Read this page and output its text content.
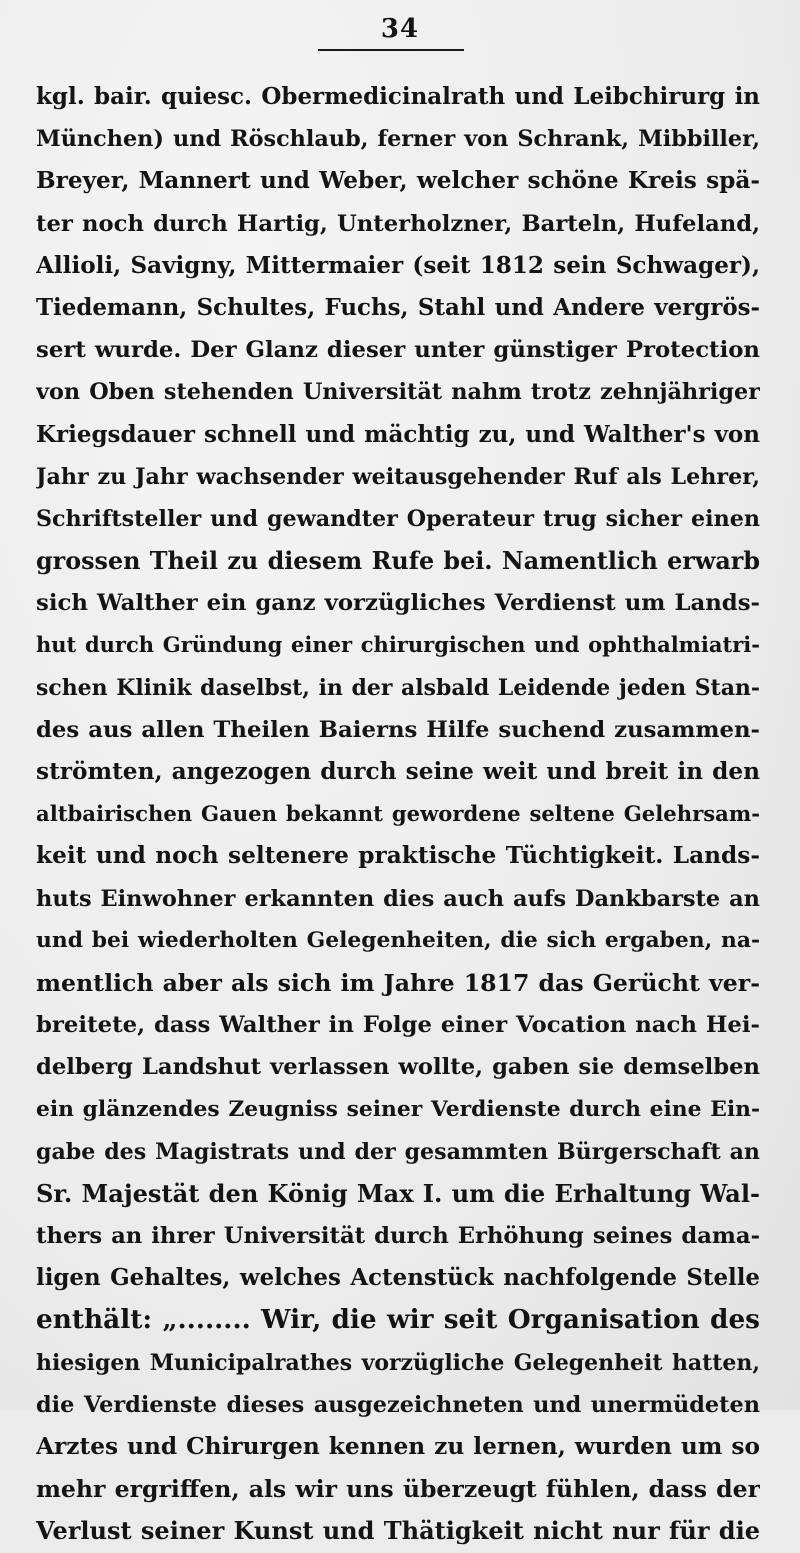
34
kgl. bair. quiesc. Obermedicinalrath und Leibchirurg in
München) und Röschlaub, ferner von Schrank, Mibbiller,
Breyer, Mannert und Weber, welcher schöne Kreis spä-
ter noch durch Hartig, Unterholzner, Barteln, Hufeland,
Allioli, Savigny, Mittermaier (seit 1812 sein Schwager),
Tiedemann, Schultes, Fuchs, Stahl und Andere vergrös-
sert wurde. Der Glanz dieser unter günstiger Protection
von Oben stehenden Universität nahm trotz zehnjähriger
Kriegsdauer schnell und mächtig zu, und Walther's von
Jahr zu Jahr wachsender weitausgehender Ruf als Lehrer,
Schriftsteller und gewandter Operateur trug sicher einen
grossen Theil zu diesem Rufe bei. Namentlich erwarb
sich Walther ein ganz vorzügliches Verdienst um Lands-
hut durch Gründung einer chirurgischen und ophthalmiatri-
schen Klinik daselbst, in der alsbald Leidende jeden Stan-
des aus allen Theilen Baierns Hilfe suchend zusammen-
strömten, angezogen durch seine weit und breit in den
altbairischen Gauen bekannt gewordene seltene Gelehrsam-
keit und noch seltenere praktische Tüchtigkeit. Lands-
huts Einwohner erkannten dies auch aufs Dankbarste an
und bei wiederholten Gelegenheiten, die sich ergaben, na-
mentlich aber als sich im Jahre 1817 das Gerücht ver-
breitete, dass Walther in Folge einer Vocation nach Hei-
delberg Landshut verlassen wollte, gaben sie demselben
ein glänzendes Zeugniss seiner Verdienste durch eine Ein-
gabe des Magistrats und der gesammten Bürgerschaft an
Sr. Majestät den König Max I. um die Erhaltung Wal-
thers an ihrer Universität durch Erhöhung seines dama-
ligen Gehaltes, welches Actenstück nachfolgende Stelle
enthält: „........ Wir, die wir seit Organisation des
hiesigen Municipalrathes vorzügliche Gelegenheit hatten,
die Verdienste dieses ausgezeichneten und unermüdeten
Arztes und Chirurgen kennen zu lernen, wurden um so
mehr ergriffen, als wir uns überzeugt fühlen, dass der
Verlust seiner Kunst und Thätigkeit nicht nur für die
